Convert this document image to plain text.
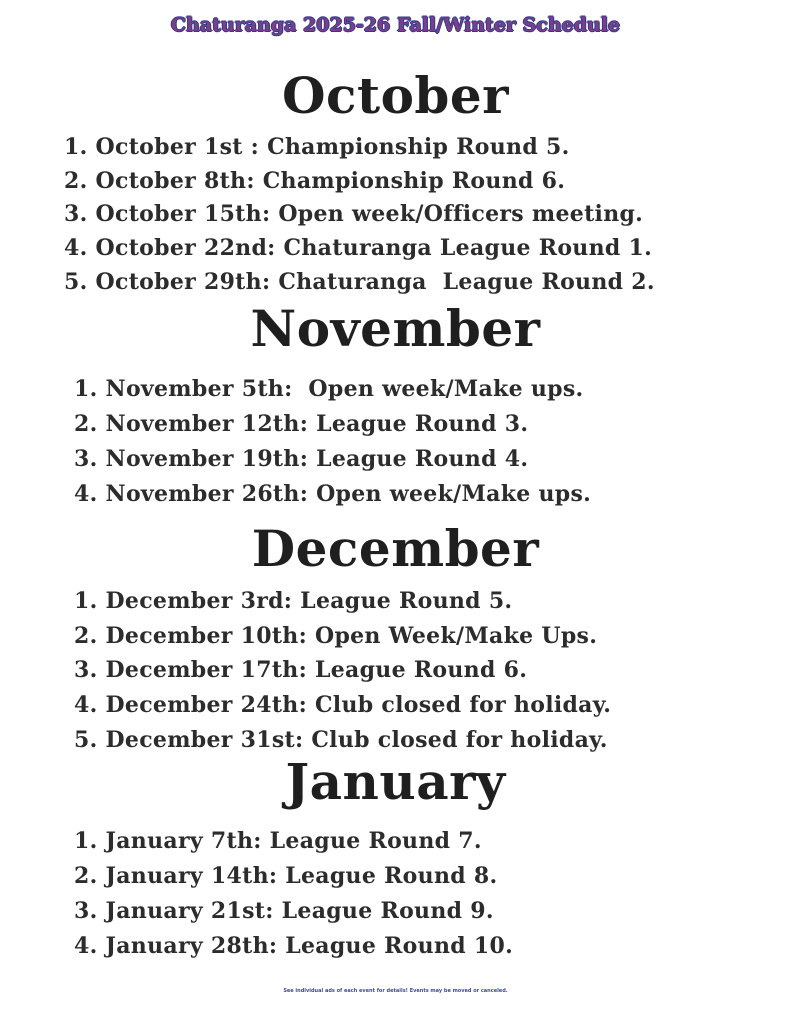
Chaturanga 2025-26 Fall/Winter Schedule
October
1. October 1st : Championship Round 5.
2. October 8th: Championship Round 6.
3. October 15th: Open week/Officers meeting.
4. October 22nd: Chaturanga League Round 1.
5. October 29th: Chaturanga  League Round 2.
November
1. November 5th:  Open week/Make ups.
2. November 12th: League Round 3.
3. November 19th: League Round 4.
4. November 26th: Open week/Make ups.
December
1. December 3rd: League Round 5.
2. December 10th: Open Week/Make Ups.
3. December 17th: League Round 6.
4. December 24th: Club closed for holiday.
5. December 31st: Club closed for holiday.
January
1. January 7th: League Round 7.
2. January 14th: League Round 8.
3. January 21st: League Round 9.
4. January 28th: League Round 10.
See individual ads of each event for details! Events may be moved or canceled.
